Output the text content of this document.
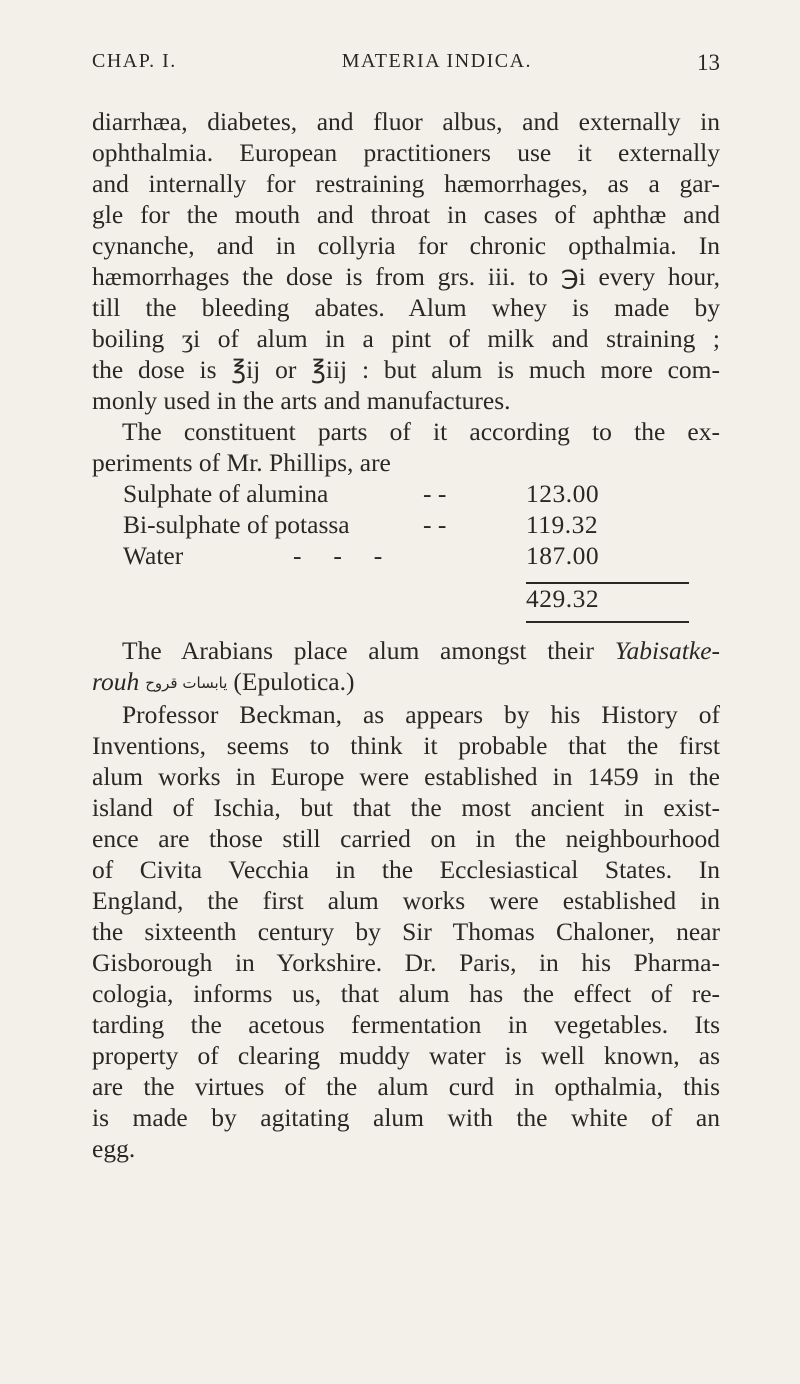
CHAP. I.	MATERIA INDICA.	13
diarrhæa, diabetes, and fluor albus, and externally in
ophthalmia. European practitioners use it externally
and internally for restraining hæmorrhages, as a gar-
gle for the mouth and throat in cases of aphthæ and
cynanche, and in collyria for chronic opthalmia. In
hæmorrhages the dose is from grs. iii. to ℈i every hour,
till the bleeding abates. Alum whey is made by
boiling ʒi of alum in a pint of milk and straining ;
the dose is ℥ij or ℥iij : but alum is much more com-
monly used in the arts and manufactures.
The constituent parts of it according to the ex-
periments of Mr. Phillips, are
Sulphate of alumina	- -	123.00
Bi-sulphate of potassa	- -	119.32
Water	-     -     -	187.00
429.32
The Arabians place alum amongst their Yabisatke-
rouh يابسات قروح (Epulotica.)
Professor Beckman, as appears by his History of
Inventions, seems to think it probable that the first
alum works in Europe were established in 1459 in the
island of Ischia, but that the most ancient in exist-
ence are those still carried on in the neighbourhood
of Civita Vecchia in the Ecclesiastical States. In
England, the first alum works were established in
the sixteenth century by Sir Thomas Chaloner, near
Gisborough in Yorkshire. Dr. Paris, in his Pharma-
cologia, informs us, that alum has the effect of re-
tarding the acetous fermentation in vegetables. Its
property of clearing muddy water is well known, as
are the virtues of the alum curd in opthalmia, this
is made by agitating alum with the white of an
egg.
